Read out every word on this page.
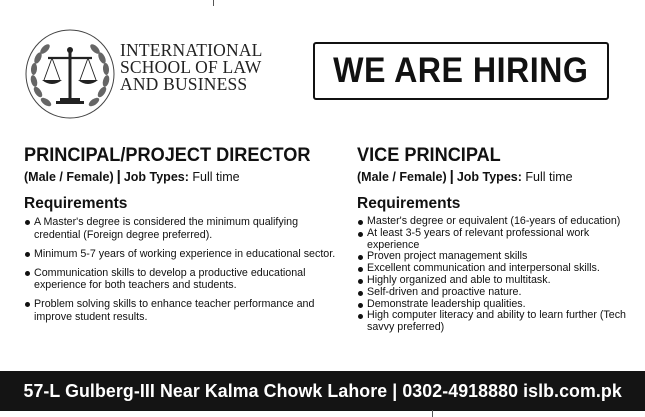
INTERNATIONAL
SCHOOL OF LAW
AND BUSINESS	WE ARE HIRING
PRINCIPAL/PROJECT DIRECTOR
(Male / Female) | Job Types: Full time
Requirements
A Master's degree is considered the minimum qualifying credential (Foreign degree preferred).
Minimum 5-7 years of working experience in educational sector.
Communication skills to develop a productive educational experience for both teachers and students.
Problem solving skills to enhance teacher performance and improve student results.
VICE PRINCIPAL
(Male / Female) | Job Types: Full time
Requirements
Master's degree or equivalent (16-years of education)
At least 3-5 years of relevant professional work experience
Proven project management skills
Excellent communication and interpersonal skills.
Highly organized and able to multitask.
Self-driven and proactive nature.
Demonstrate leadership qualities.
High computer literacy and ability to learn further (Tech savvy preferred)
57-L Gulberg-III Near Kalma Chowk Lahore | 0302-4918880 islb.com.pk
